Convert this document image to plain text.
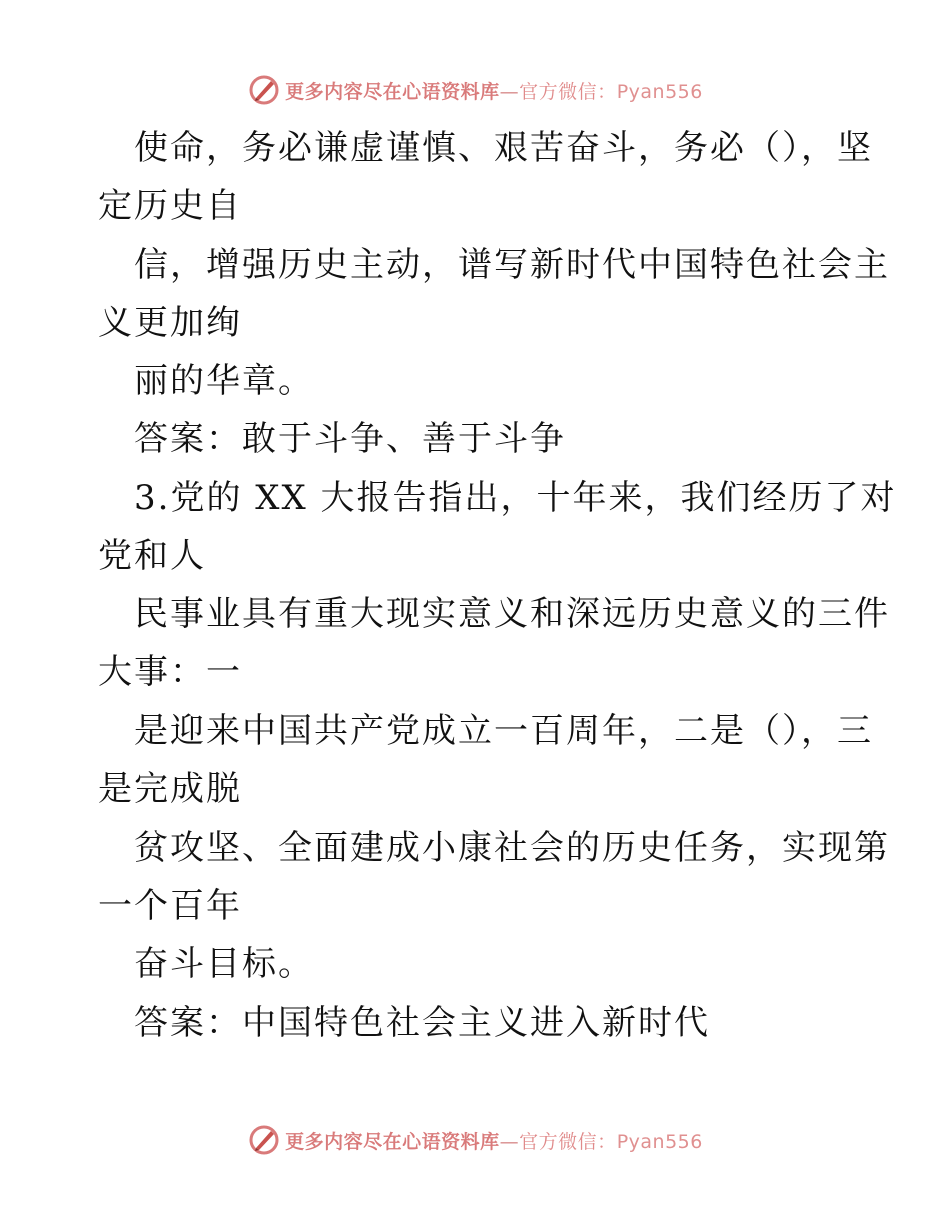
更多内容尽在心语资料库—官方微信：Pyan556
使命，务必谦虚谨慎、艰苦奋斗，务必（），坚
定历史自
信，增强历史主动，谱写新时代中国特色社会主
义更加绚
丽的华章。
答案：敢于斗争、善于斗争
3.党的 XX 大报告指出，十年来，我们经历了对
党和人
民事业具有重大现实意义和深远历史意义的三件
大事：一
是迎来中国共产党成立一百周年，二是（），三
是完成脱
贫攻坚、全面建成小康社会的历史任务，实现第
一个百年
奋斗目标。
答案：中国特色社会主义进入新时代
更多内容尽在心语资料库—官方微信：Pyan556
